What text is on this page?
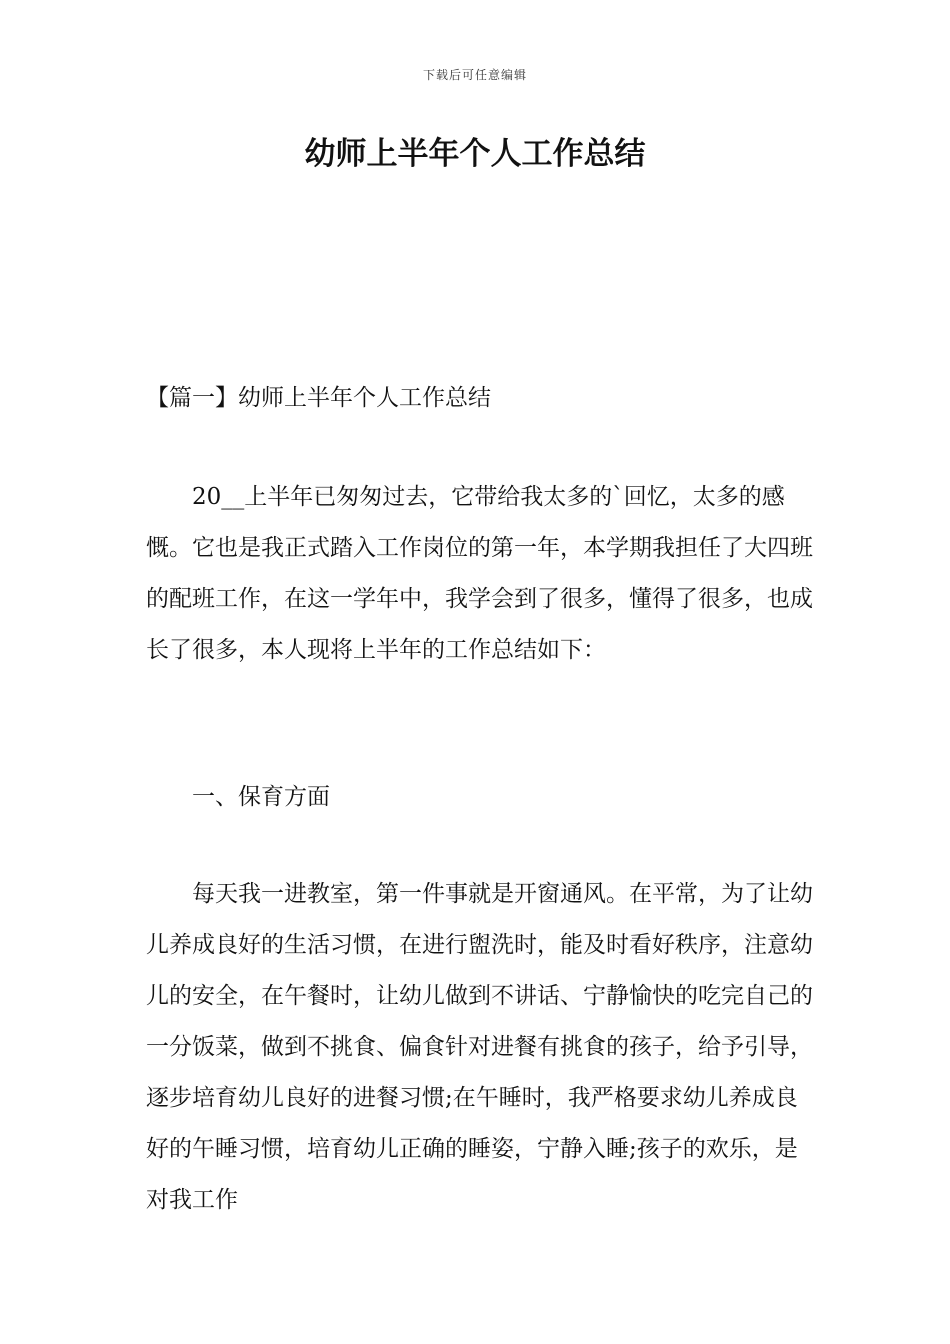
下载后可任意编辑
幼师上半年个人工作总结

【篇一】幼师上半年个人工作总结

20__上半年已匆匆过去，它带给我太多的`回忆，太多的感慨。它也是我正式踏入工作岗位的第一年，本学期我担任了大四班的配班工作，在这一学年中，我学会到了很多，懂得了很多，也成长了很多，本人现将上半年的工作总结如下：

一、保育方面

每天我一进教室，第一件事就是开窗通风。在平常，为了让幼儿养成良好的生活习惯，在进行盥洗时，能及时看好秩序，注意幼儿的安全，在午餐时，让幼儿做到不讲话、宁静愉快的吃完自己的一分饭菜，做到不挑食、偏食针对进餐有挑食的孩子，给予引导，逐步培育幼儿良好的进餐习惯;在午睡时，我严格要求幼儿养成良好的午睡习惯，培育幼儿正确的睡姿，宁静入睡;孩子的欢乐，是对我工作
